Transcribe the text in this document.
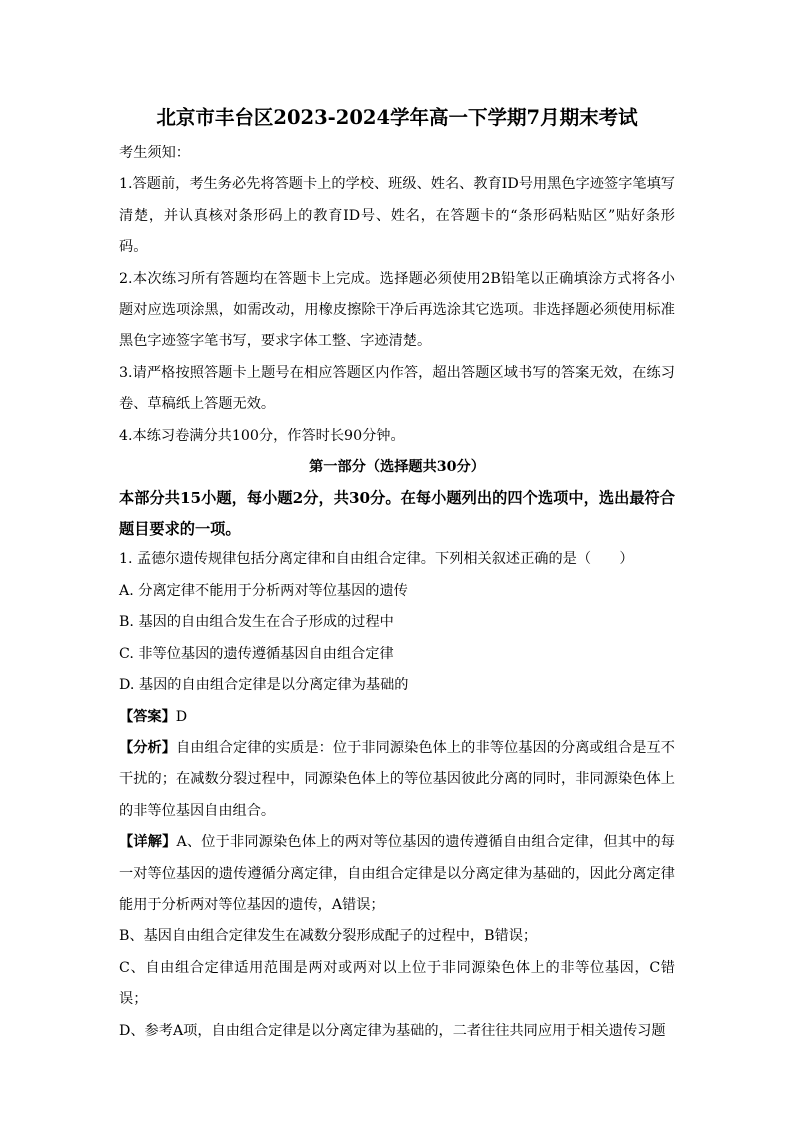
北京市丰台区2023-2024学年高一下学期7月期末考试

考生须知：

1.答题前，考生务必先将答题卡上的学校、班级、姓名、教育ID号用黑色字迹签字笔填写清楚，并认真核对条形码上的教育ID号、姓名，在答题卡的“条形码粘贴区”贴好条形码。

2.本次练习所有答题均在答题卡上完成。选择题必须使用2B铅笔以正确填涂方式将各小题对应选项涂黑，如需改动，用橡皮擦除干净后再选涂其它选项。非选择题必须使用标准黑色字迹签字笔书写，要求字体工整、字迹清楚。

3.请严格按照答题卡上题号在相应答题区内作答，超出答题区域书写的答案无效，在练习卷、草稿纸上答题无效。

4.本练习卷满分共100分，作答时长90分钟。

第一部分（选择题共30分）

本部分共15小题，每小题2分，共30分。在每小题列出的四个选项中，选出最符合题目要求的一项。

1. 孟德尔遗传规律包括分离定律和自由组合定律。下列相关叙述正确的是（　　）

A. 分离定律不能用于分析两对等位基因的遗传

B. 基因的自由组合发生在合子形成的过程中

C. 非等位基因的遗传遵循基因自由组合定律

D. 基因的自由组合定律是以分离定律为基础的

【答案】D

【分析】自由组合定律的实质是：位于非同源染色体上的非等位基因的分离或组合是互不干扰的；在减数分裂过程中，同源染色体上的等位基因彼此分离的同时，非同源染色体上的非等位基因自由组合。

【详解】A、位于非同源染色体上的两对等位基因的遗传遵循自由组合定律，但其中的每一对等位基因的遗传遵循分离定律，自由组合定律是以分离定律为基础的，因此分离定律能用于分析两对等位基因的遗传，A错误；

B、基因自由组合定律发生在减数分裂形成配子的过程中，B错误；

C、自由组合定律适用范围是两对或两对以上位于非同源染色体上的非等位基因，C错误；

D、参考A项，自由组合定律是以分离定律为基础的，二者往往共同应用于相关遗传习题
